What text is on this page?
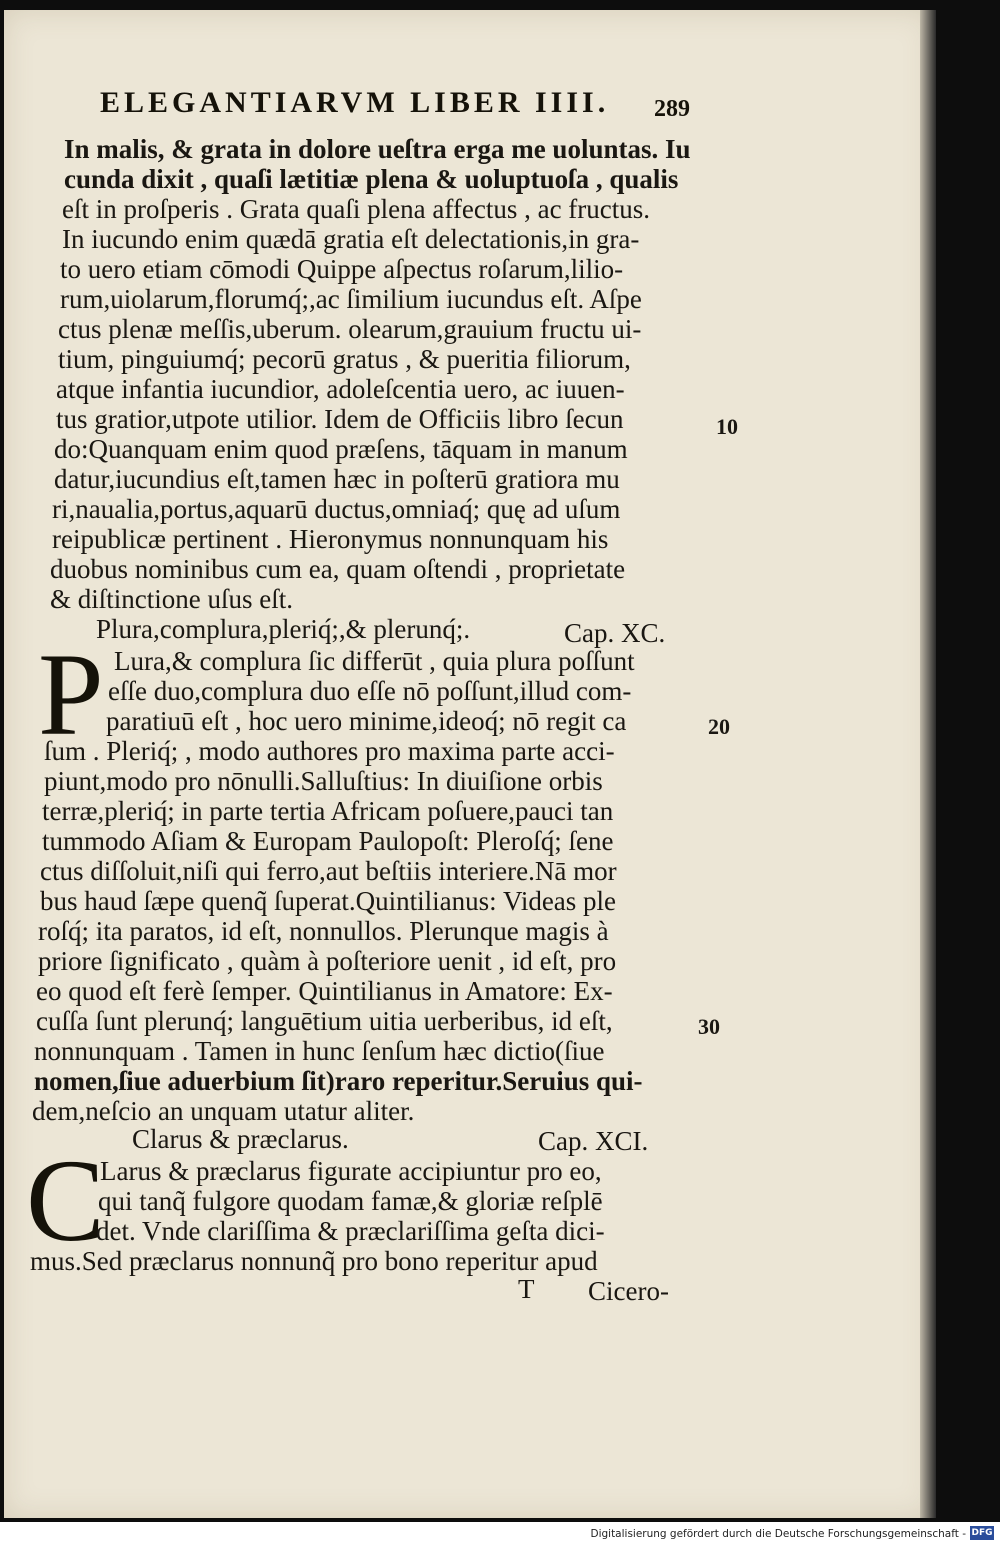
ELEGANTIARVM LIBER IIII. 289
In malis, & grata in dolore ueſtra erga me uoluntas. Iu
cunda dixit , quaſi lætitiæ plena & uoluptuoſa , qualis
eſt in proſperis . Grata quaſi plena affectus , ac fructus.
In iucundo enim quædā gratia eſt delectationis,in gra-
to uero etiam cōmodi Quippe aſpectus roſarum,lilio-
rum,uiolarum,florumq́;,ac ſimilium iucundus eſt. Aſpe
ctus plenæ meſſis,uberum. olearum,grauium fructu ui-
tium, pinguiumq́; pecorū gratus , & pueritia filiorum,
atque infantia iucundior, adoleſcentia uero, ac iuuen-
tus gratior,utpote utilior. Idem de Officiis libro ſecun
do:Quanquam enim quod præſens, tāquam in manum
datur,iucundius eſt,tamen hæc in poſterū gratiora mu
ri,naualia,portus,aquarū ductus,omniaq́; quę ad uſum
reipublicæ pertinent . Hieronymus nonnunquam his
duobus nominibus cum ea, quam oſtendi , proprietate
& diſtinctione uſus eſt.
Plura,complura,pleriq́;,& plerunq́;.	Cap. XC.
P Lura,& complura ſic differūt , quia plura poſſunt
eſſe duo,complura duo eſſe nō poſſunt,illud com-
paratiuū eſt , hoc uero minime,ideoq́; nō regit ca
ſum . Pleriq́; , modo authores pro maxima parte acci-
piunt,modo pro nōnulli.Salluſtius: In diuiſione orbis
terræ,pleriq́; in parte tertia Africam poſuere,pauci tan
tummodo Aſiam & Europam Paulopoſt: Pleroſq́; ſene
ctus diſſoluit,niſi qui ferro,aut beſtiis interiere.Nā mor
bus haud ſæpe quenq̃ ſuperat.Quintilianus: Videas ple
roſq́; ita paratos, id eſt, nonnullos. Plerunque magis à
priore ſignificato , quàm à poſteriore uenit , id eſt, pro
eo quod eſt ferè ſemper. Quintilianus in Amatore: Ex-
cuſſa ſunt plerunq́; languētium uitia uerberibus, id eſt,
nonnunquam . Tamen in hunc ſenſum hæc dictio(ſiue
nomen,ſiue aduerbium ſit)raro reperitur.Seruius qui-
dem,neſcio an unquam utatur aliter.
Clarus & præclarus.	Cap. XCI.
C
Larus & præclarus figurate accipiuntur pro eo,
qui tanq̃ fulgore quodam famæ,& gloriæ reſplē
det. Vnde clariſſima & præclariſſima geſta dici-
mus.Sed præclarus nonnunq̃ pro bono reperitur apud
T Cicero-
10
20
30
Digitalisierung gefördert durch die Deutsche Forschungsgemeinschaft - DFG
